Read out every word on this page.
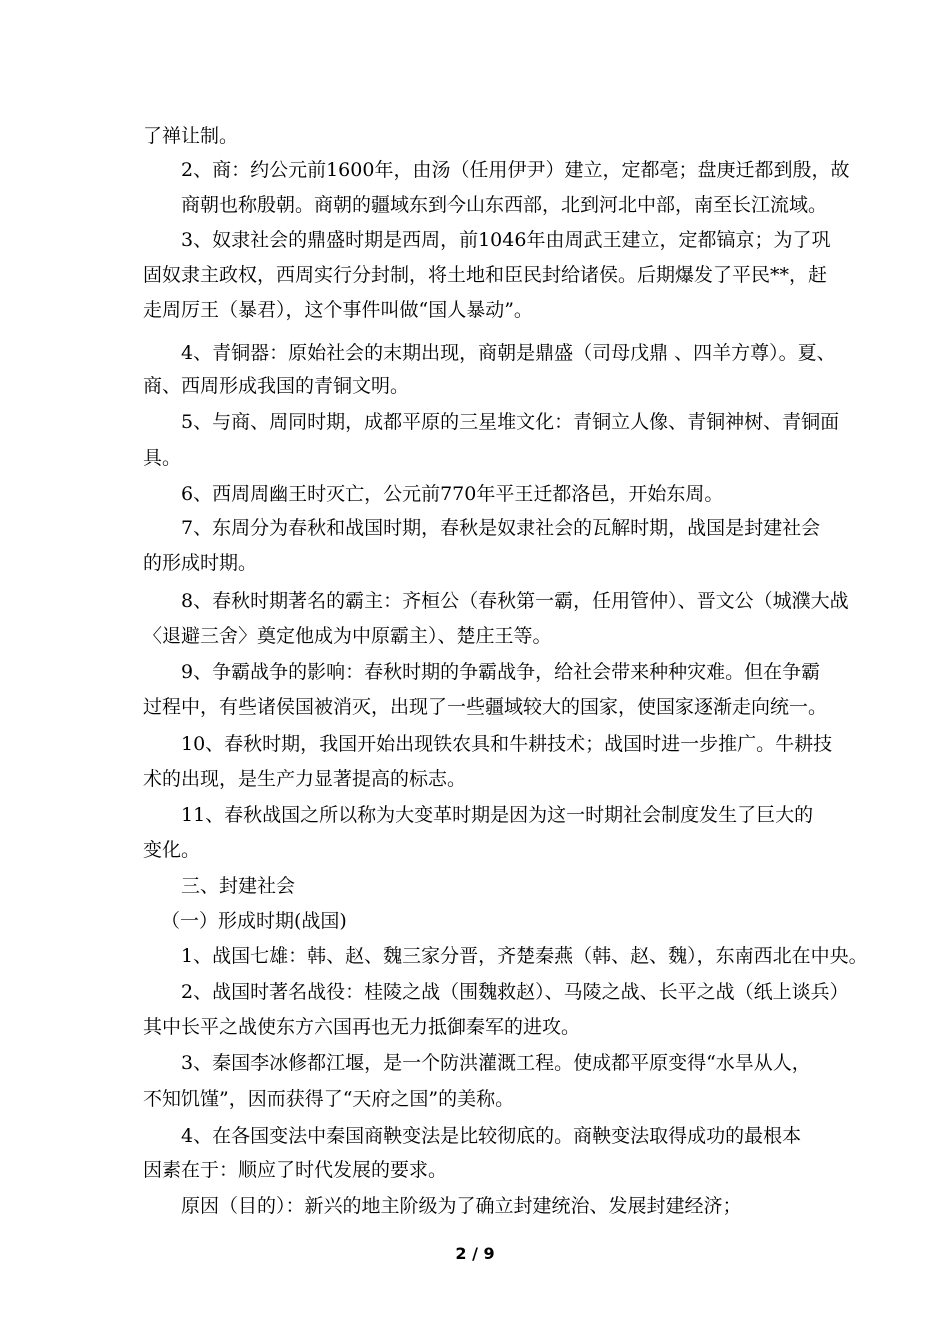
了禅让制。
2、商：约公元前1600年，由汤（任用伊尹）建立，定都亳；盘庚迁都到殷，故
商朝也称殷朝。商朝的疆域东到今山东西部，北到河北中部，南至长江流域。
3、奴隶社会的鼎盛时期是西周，前1046年由周武王建立，定都镐京；为了巩
固奴隶主政权，西周实行分封制，将土地和臣民封给诸侯。后期爆发了平民**，赶
走周厉王（暴君），这个事件叫做“国人暴动”。
4、青铜器：原始社会的末期出现，商朝是鼎盛（司母戊鼎 、四羊方尊）。夏、
商、西周形成我国的青铜文明。
5、与商、周同时期，成都平原的三星堆文化：青铜立人像、青铜神树、青铜面
具。
6、西周周幽王时灭亡，公元前770年平王迁都洛邑，开始东周。
7、东周分为春秋和战国时期，春秋是奴隶社会的瓦解时期，战国是封建社会
的形成时期。
8、春秋时期著名的霸主：齐桓公（春秋第一霸，任用管仲）、晋文公（城濮大战
〈退避三舍〉奠定他成为中原霸主）、楚庄王等。
9、争霸战争的影响：春秋时期的争霸战争，给社会带来种种灾难。但在争霸
过程中，有些诸侯国被消灭，出现了一些疆域较大的国家，使国家逐渐走向统一。
10、春秋时期，我国开始出现铁农具和牛耕技术；战国时进一步推广。牛耕技
术的出现，是生产力显著提高的标志。
11、春秋战国之所以称为大变革时期是因为这一时期社会制度发生了巨大的
变化。
三、封建社会
（一）形成时期(战国)
1、战国七雄：韩、赵、魏三家分晋，齐楚秦燕（韩、赵、魏），东南西北在中央。
2、战国时著名战役：桂陵之战（围魏救赵）、马陵之战、长平之战（纸上谈兵）
其中长平之战使东方六国再也无力抵御秦军的进攻。
3、秦国李冰修都江堰，是一个防洪灌溉工程。使成都平原变得“水旱从人，
不知饥馑”，因而获得了“天府之国”的美称。
4、在各国变法中秦国商鞅变法是比较彻底的。商鞅变法取得成功的最根本
因素在于：顺应了时代发展的要求。
原因（目的）：新兴的地主阶级为了确立封建统治、发展封建经济；
2 / 9
